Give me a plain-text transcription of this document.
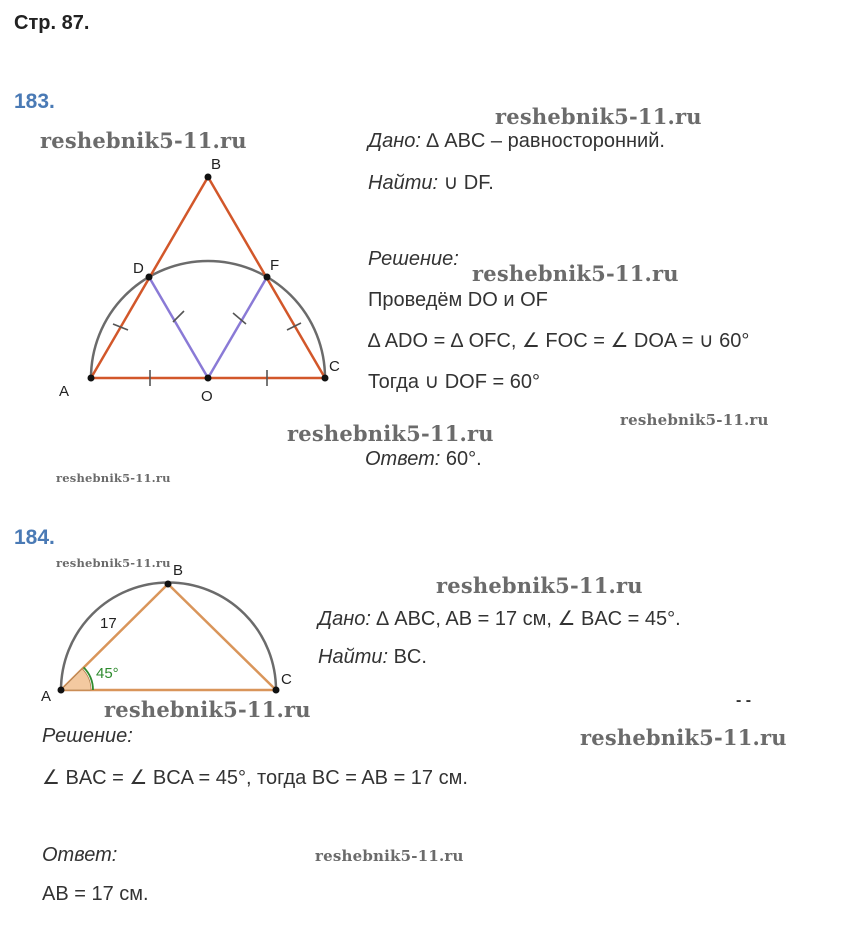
Стр. 87.
183.
reshebnik5-11.ru
reshebnik5-11.ru
B
D	F
A
C
O
Дано: ∆ ABC – равносторонний.
Найти: ∪ DF.
Решение:
reshebnik5-11.ru
Проведём DO и OF
∆ ADO = ∆ OFC, ∠ FOC = ∠ DOA = ∪ 60°
Тогда ∪ DOF = 60°
reshebnik5-11.ru
reshebnik5-11.ru
Ответ: 60°.
reshebnik5-11.ru
184.
reshebnik5-11.ru B
A
C
17
45°
reshebnik5-11.ru
Дано: ∆ ABC, AB = 17 см, ∠ BAC = 45°.
Найти: BC.
- -
reshebnik5-11.ru
Решение:	reshebnik5-11.ru
∠ BAC = ∠ BCA = 45°, тогда BC = AB = 17 см.
Ответ:	reshebnik5-11.ru
AB = 17 см.
